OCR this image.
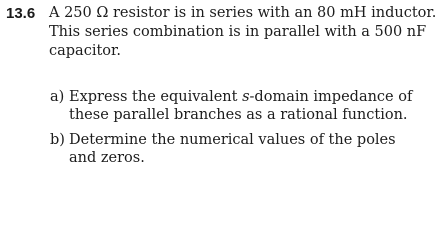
13.6 A 250 Ω resistor is in series with an 80 mH inductor.
This series combination is in parallel with a 500 nF
capacitor.
a) Express the equivalent s-domain impedance of
these parallel branches as a rational function.
b) Determine the numerical values of the poles
and zeros.
